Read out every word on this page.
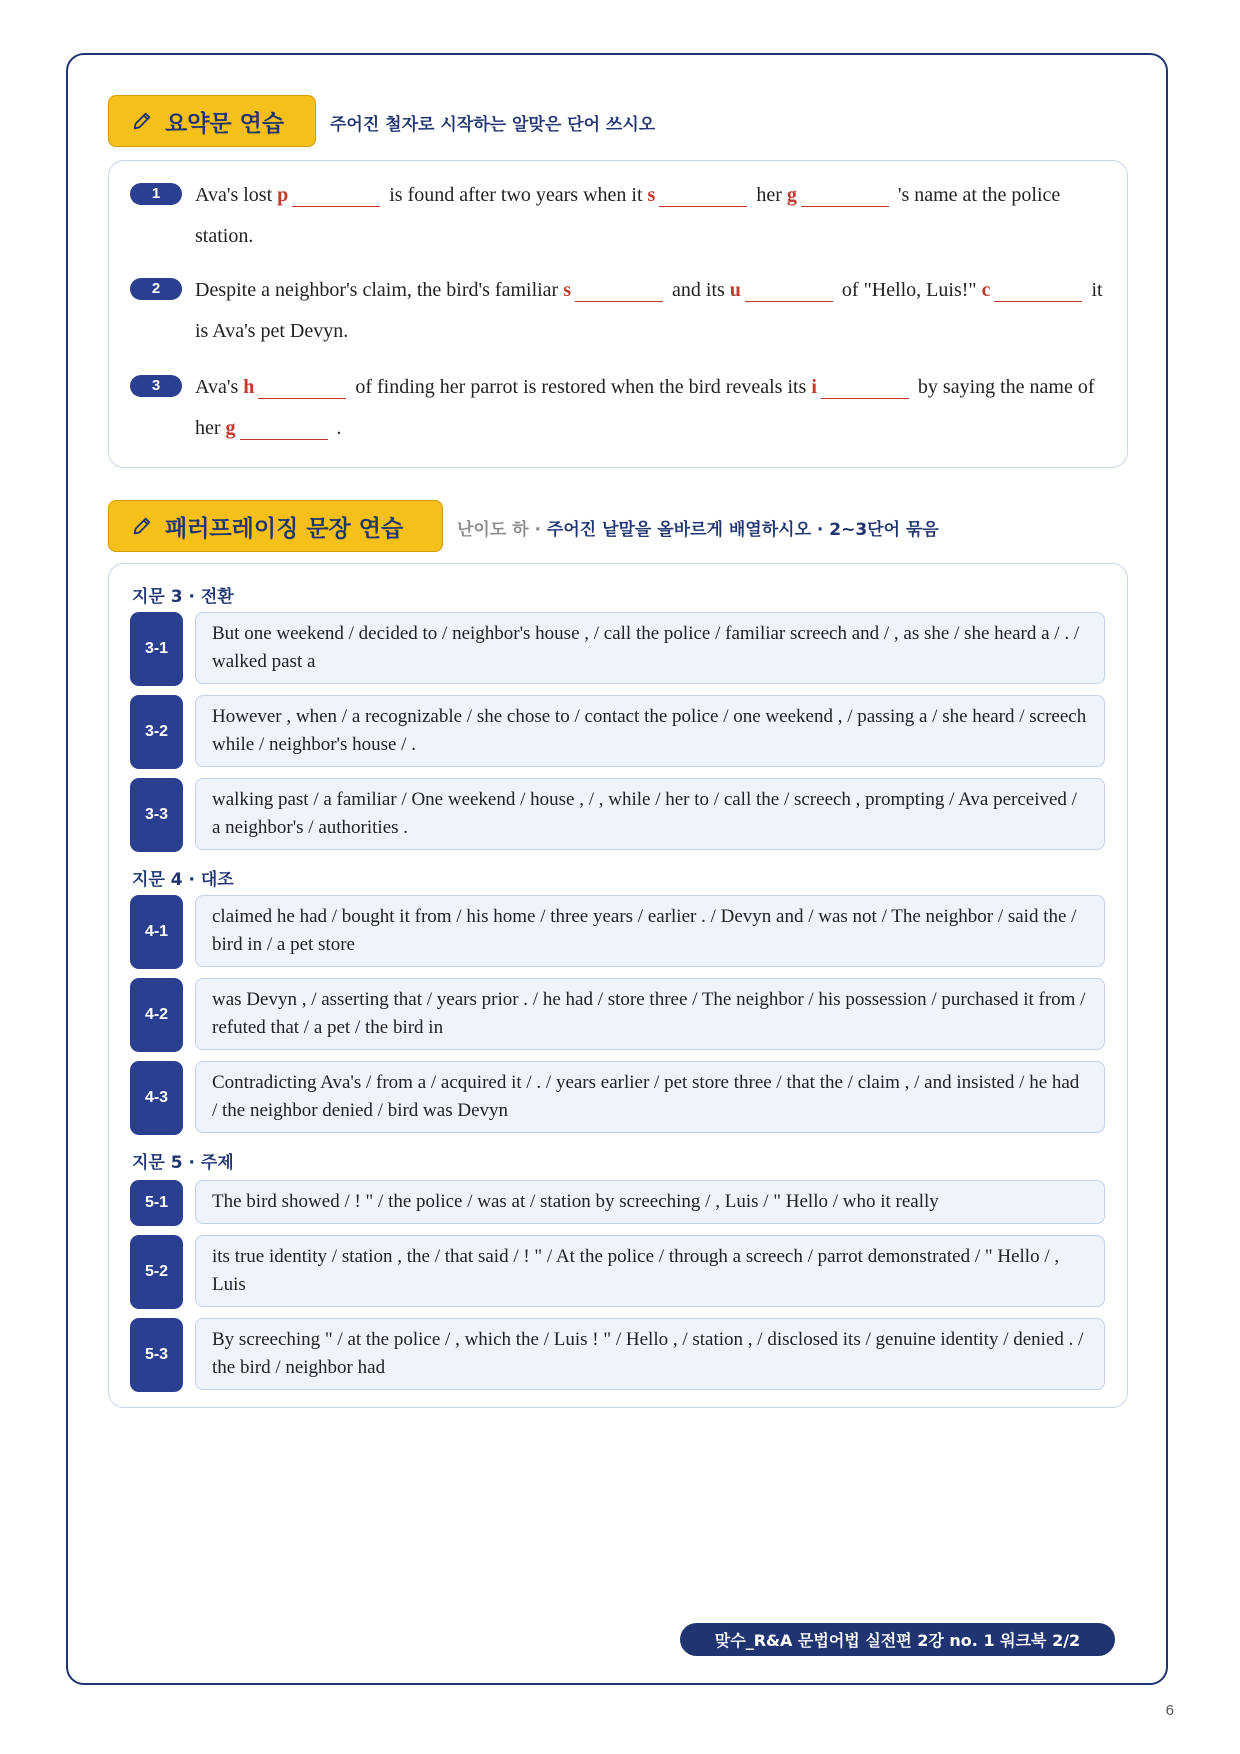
요약문 연습	주어진 철자로 시작하는 알맞은 단어 쓰시오
1	Ava's lost p	is found after two years when it s	her g	's name at the police station.
2	Despite a neighbor's claim, the bird's familiar s	and its u	of "Hello, Luis!" c	it is Ava's pet Devyn.
3	Ava's h	of finding her parrot is restored when the bird reveals its i	by saying the name of her g	.
패러프레이징 문장 연습	난이도 하 · 주어진 낱말을 올바르게 배열하시오 · 2~3단어 묶음
지문 3 · 전환
3-1
But one weekend / decided to / neighbor's house , / call the police / familiar screech and / , as she / she heard a / . / walked past a
3-2
However , when / a recognizable / she chose to / contact the police / one weekend , / passing a / she heard / screech while / neighbor's house / .
3-3
walking past / a familiar / One weekend / house , / , while / her to / call the / screech , prompting / Ava perceived / a neighbor's / authorities .
지문 4 · 대조
4-1
claimed he had / bought it from / his home / three years / earlier . / Devyn and / was not / The neighbor / said the / bird in / a pet store
4-2
was Devyn , / asserting that / years prior . / he had / store three / The neighbor / his possession / purchased it from / refuted that / a pet / the bird in
4-3
Contradicting Ava's / from a / acquired it / . / years earlier / pet store three / that the / claim , / and insisted / he had / the neighbor denied / bird was Devyn
지문 5 · 주제
5-1	The bird showed / ! " / the police / was at / station by screeching / , Luis / " Hello / who it really
5-2
its true identity / station , the / that said / ! " / At the police / through a screech / parrot demonstrated / " Hello / , Luis
5-3
By screeching " / at the police / , which the / Luis ! " / Hello , / station , / disclosed its / genuine identity / denied . / the bird / neighbor had
맞수_R&A 문법어법 실전편 2강 no. 1 워크북 2/2
6
